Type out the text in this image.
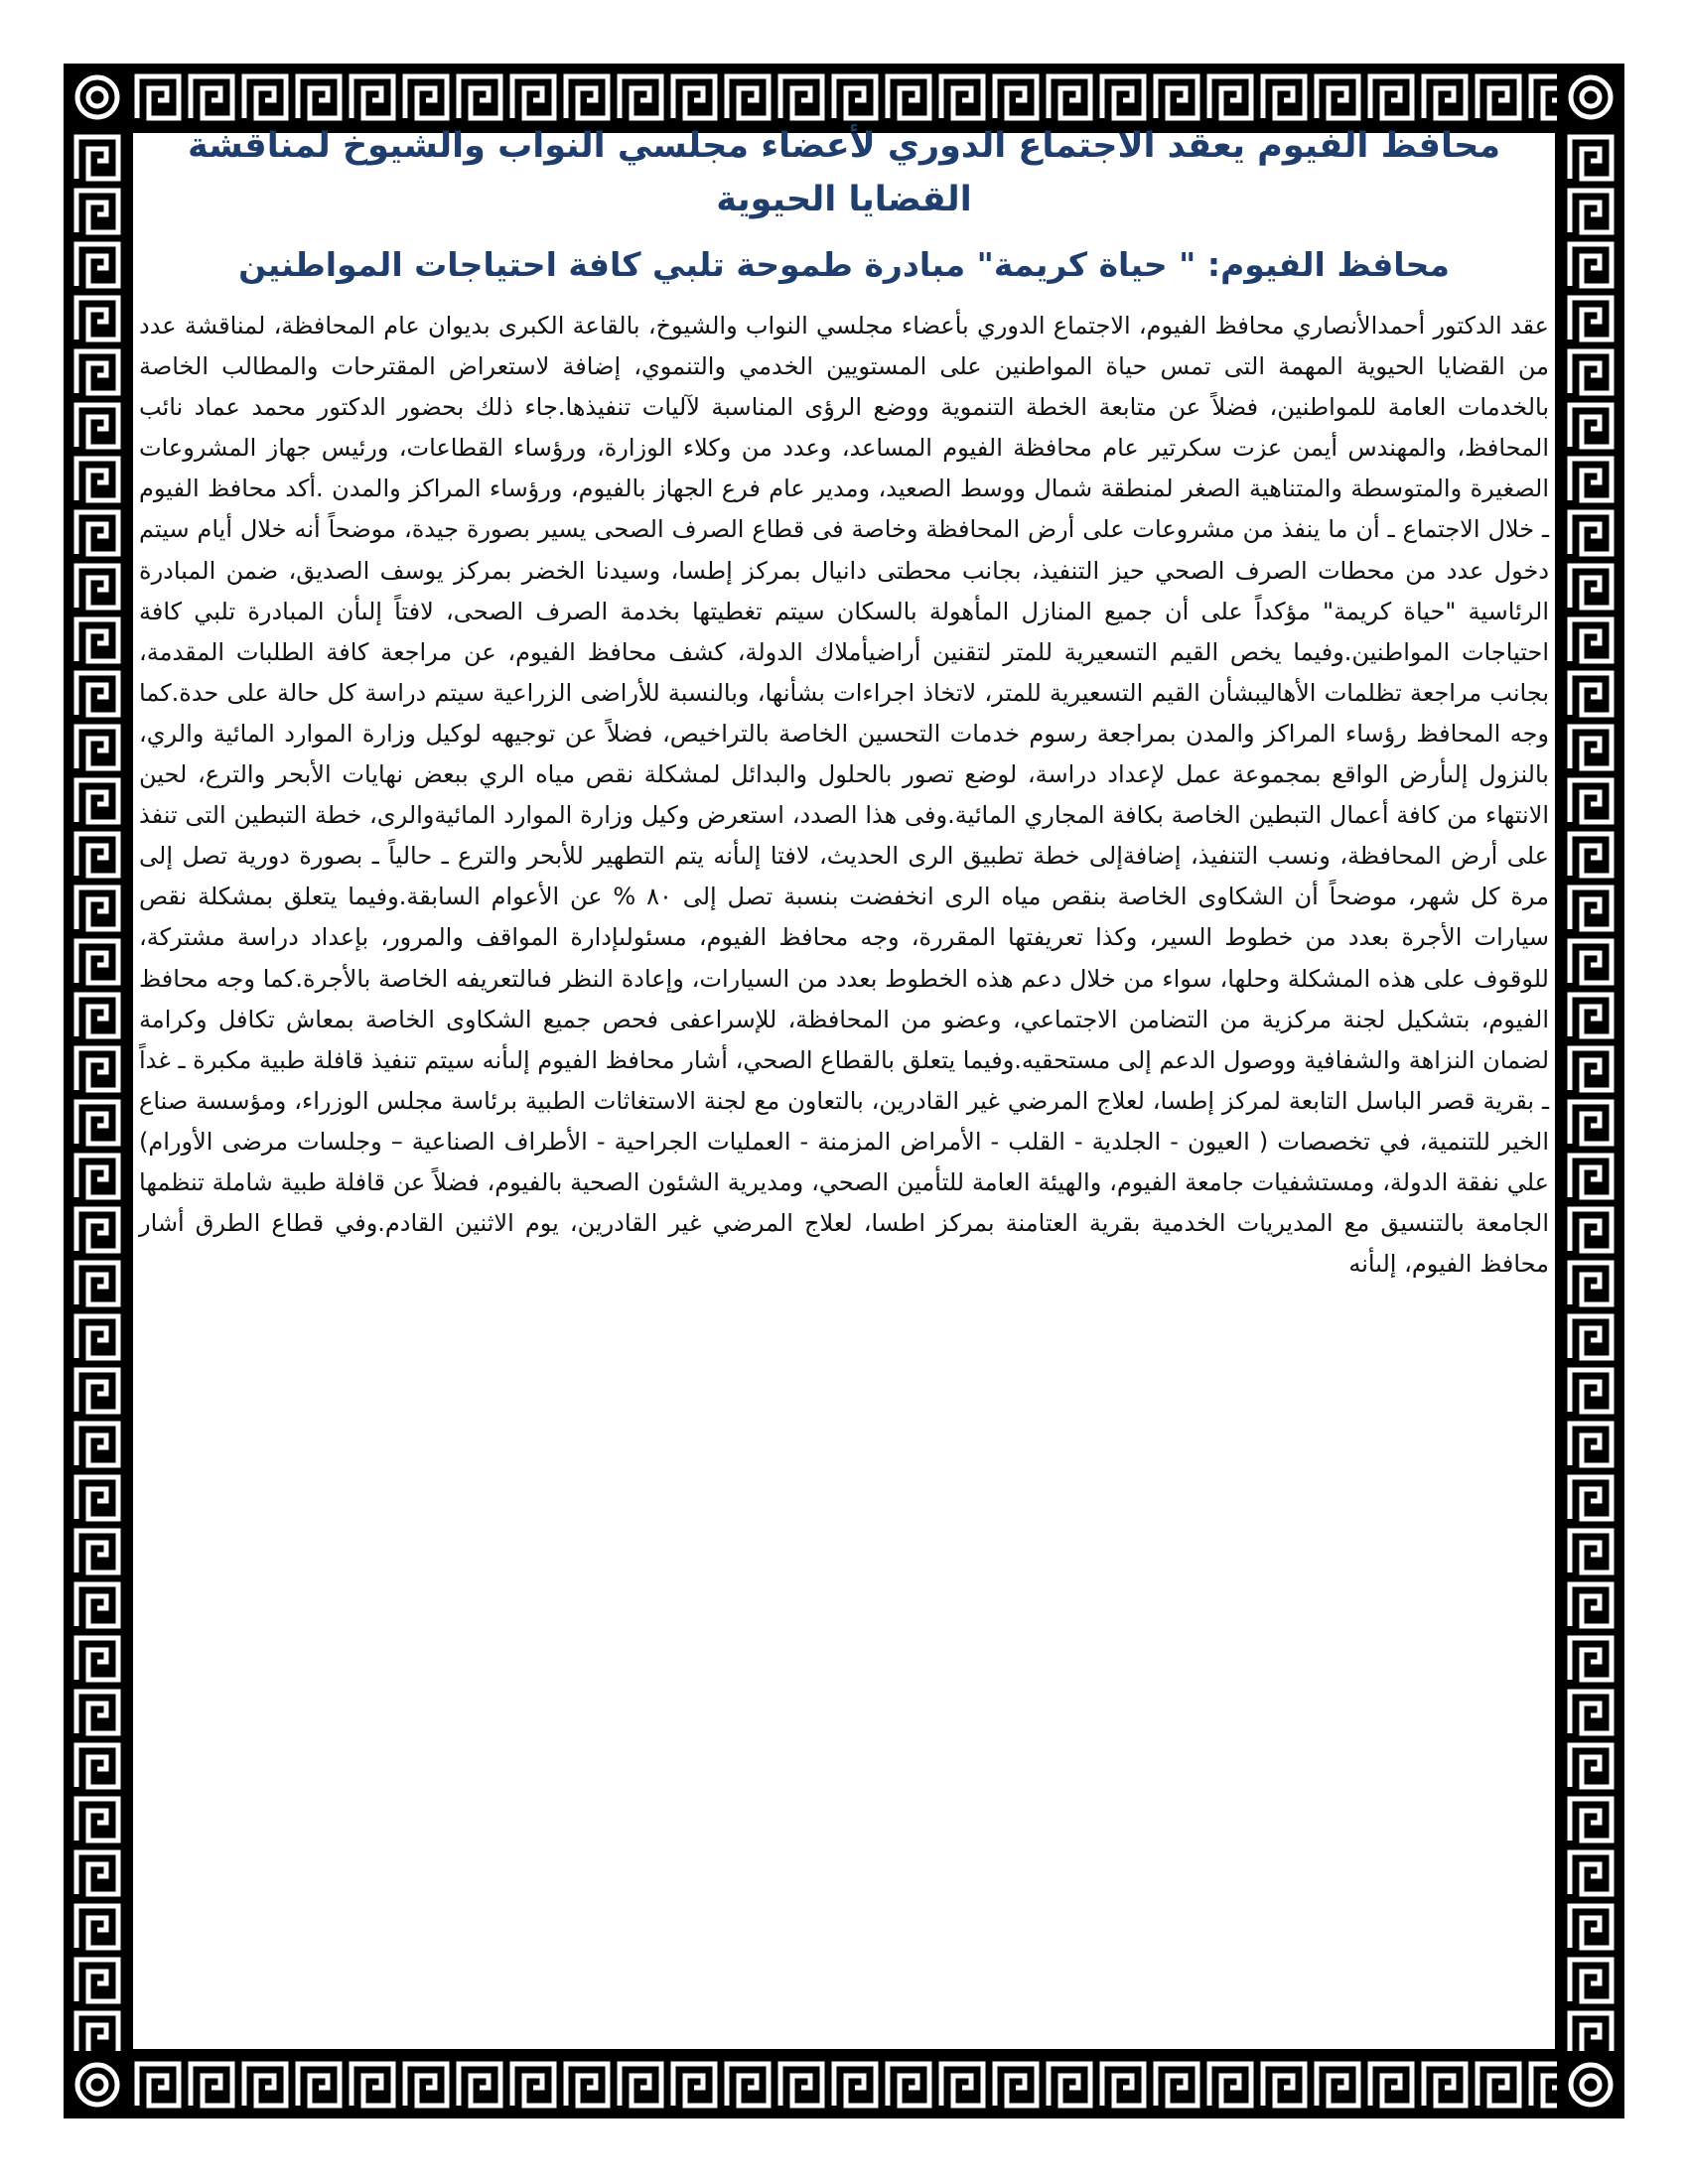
محافظ الفيوم يعقد الاجتماع الدوري لأعضاء مجلسي النواب والشيوخ لمناقشة القضايا الحيوية
محافظ الفيوم: " حياة كريمة" مبادرة طموحة تلبي كافة احتياجات المواطنين

عقد الدكتور أحمدالأنصاري محافظ الفيوم، الاجتماع الدوري بأعضاء مجلسي النواب والشيوخ، بالقاعة الكبرى بديوان عام المحافظة، لمناقشة عدد من القضايا الحيوية المهمة التى تمس حياة المواطنين على المستويين الخدمي والتنموي، إضافة لاستعراض المقترحات والمطالب الخاصة بالخدمات العامة للمواطنين، فضلاً عن متابعة الخطة التنموية ووضع الرؤى المناسبة لآليات تنفيذها.جاء ذلك بحضور الدكتور محمد عماد نائب المحافظ، والمهندس أيمن عزت سكرتير عام محافظة الفيوم المساعد، وعدد من وكلاء الوزارة، ورؤساء القطاعات، ورئيس جهاز المشروعات الصغيرة والمتوسطة والمتناهية الصغر لمنطقة شمال ووسط الصعيد، ومدير عام فرع الجهاز بالفيوم، ورؤساء المراكز والمدن .أكد محافظ الفيوم ـ خلال الاجتماع ـ أن ما ينفذ من مشروعات على أرض المحافظة وخاصة فى قطاع الصرف الصحى يسير بصورة جيدة، موضحاً أنه خلال أيام سيتم دخول عدد من محطات الصرف الصحي حيز التنفيذ، بجانب محطتى دانيال بمركز إطسا، وسيدنا الخضر بمركز يوسف الصديق، ضمن المبادرة الرئاسية "حياة كريمة" مؤكداً على أن جميع المنازل المأهولة بالسكان سيتم تغطيتها بخدمة الصرف الصحى، لافتاً إلىأن المبادرة تلبي كافة احتياجات المواطنين.وفيما يخص القيم التسعيرية للمتر لتقنين أراضيأملاك الدولة، كشف محافظ الفيوم، عن مراجعة كافة الطلبات المقدمة، بجانب مراجعة تظلمات الأهاليبشأن القيم التسعيرية للمتر، لاتخاذ اجراءات بشأنها، وبالنسبة للأراضى الزراعية سيتم دراسة كل حالة على حدة.كما وجه المحافظ رؤساء المراكز والمدن بمراجعة رسوم خدمات التحسين الخاصة بالتراخيص، فضلاً عن توجيهه لوكيل وزارة الموارد المائية والري، بالنزول إلىأرض الواقع بمجموعة عمل لإعداد دراسة، لوضع تصور بالحلول والبدائل لمشكلة نقص مياه الري ببعض نهايات الأبحر والترع، لحين الانتهاء من كافة أعمال التبطين الخاصة بكافة المجاري المائية.وفى هذا الصدد، استعرض وكيل وزارة الموارد المائيةوالرى، خطة التبطين التى تنفذ على أرض المحافظة، ونسب التنفيذ، إضافةإلى خطة تطبيق الرى الحديث، لافتا إلىأنه يتم التطهير للأبحر والترع ـ حالياً ـ بصورة دورية تصل إلى مرة كل شهر، موضحاً أن الشكاوى الخاصة بنقص مياه الرى انخفضت بنسبة تصل إلى ٨٠ % عن الأعوام السابقة.وفيما يتعلق بمشكلة نقص سيارات الأجرة بعدد من خطوط السير، وكذا تعريفتها المقررة، وجه محافظ الفيوم، مسئولىإدارة المواقف والمرور، بإعداد دراسة مشتركة، للوقوف على هذه المشكلة وحلها، سواء من خلال دعم هذه الخطوط بعدد من السيارات، وإعادة النظر فىالتعريفه الخاصة بالأجرة.كما وجه محافظ الفيوم، بتشكيل لجنة مركزية من التضامن الاجتماعي، وعضو من المحافظة، للإسراعفى فحص جميع الشكاوى الخاصة بمعاش تكافل وكرامة لضمان النزاهة والشفافية ووصول الدعم إلى مستحقيه.وفيما يتعلق بالقطاع الصحي، أشار محافظ الفيوم إلىأنه سيتم تنفيذ قافلة طبية مكبرة ـ غداً ـ بقرية قصر الباسل التابعة لمركز إطسا، لعلاج المرضي غير القادرين، بالتعاون مع لجنة الاستغاثات الطبية برئاسة مجلس الوزراء، ومؤسسة صناع الخير للتنمية، في تخصصات ( العيون - الجلدية - القلب - الأمراض المزمنة - العمليات الجراحية - الأطراف الصناعية – وجلسات مرضى الأورام) علي نفقة الدولة، ومستشفيات جامعة الفيوم، والهيئة العامة للتأمين الصحي، ومديرية الشئون الصحية بالفيوم، فضلاً عن قافلة طبية شاملة تنظمها الجامعة بالتنسيق مع المديريات الخدمية بقرية العتامنة بمركز اطسا، لعلاج المرضي غير القادرين، يوم الاثنين القادم.وفي قطاع الطرق أشار محافظ الفيوم، إلىأنه
